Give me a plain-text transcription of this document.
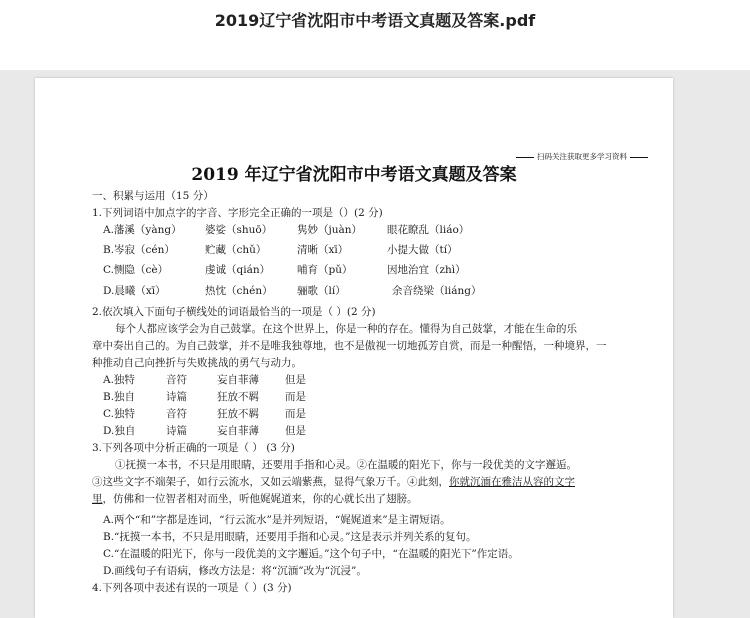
2019辽宁省沈阳市中考语文真题及答案.pdf
扫码关注获取更多学习资料
2019 年辽宁省沈阳市中考语文真题及答案
一、积累与运用（15 分）
1.下列词语中加点字的字音、字形完全正确的一项是（）(2 分)
A.藩溪（yàng） 婆娑（shuō） 隽妙（juàn） 眼花瞭乱（liáo）
B.岑寂（cén）	贮藏（chǔ）	清晰（xī）	小提大做（tí）
C.恻隐（cè）	虔诚（qián）	哺育（pǔ）	因地治宜（zhì）
D.晨曦（xī）	热忱（chén） 骊歌（lí）	余音绕梁（liáng）
2.依次填入下面句子横线处的词语最恰当的一项是（ ）(2 分)
每个人都应该学会为自己鼓掌。在这个世界上，你是一种的存在。懂得为自己鼓掌，才能在生命的乐
章中奏出自己的。为自己鼓掌，并不是唯我独尊地，也不是傲视一切地孤芳自赏，而是一种醒悟，一种境界，一
种推动自己向挫折与失败挑战的勇气与动力。
A.独特	音符	妄自菲薄 但是
B.独自	诗篇	狂放不羁 而是
C.独特	音符	狂放不羁 而是
D.独自	诗篇	妄自菲薄 但是
3.下列各项中分析正确的一项是（ ） (3 分)
①抚摸一本书，不只是用眼睛，还要用手指和心灵。②在温暖的阳光下，你与一段优美的文字邂逅。
③这些文字不端架子，如行云流水，又如云端紫燕，显得气象万千。④此刻，你就沉湎在雅洁从容的文字
里，仿佛和一位智者相对而坐，听他娓娓道来，你的心就长出了翅膀。
A.两个“和”字都是连词，“行云流水”是并列短语，“娓娓道来”是主谓短语。
B.“抚摸一本书，不只是用眼睛，还要用手指和心灵。”这是表示并列关系的复句。
C.“在温暖的阳光下，你与一段优美的文字邂逅。”这个句子中，“在温暖的阳光下”作定语。
D.画线句子有语病，修改方法是：将“沉湎”改为“沉浸”。
4.下列各项中表述有误的一项是（ ）(3 分)
